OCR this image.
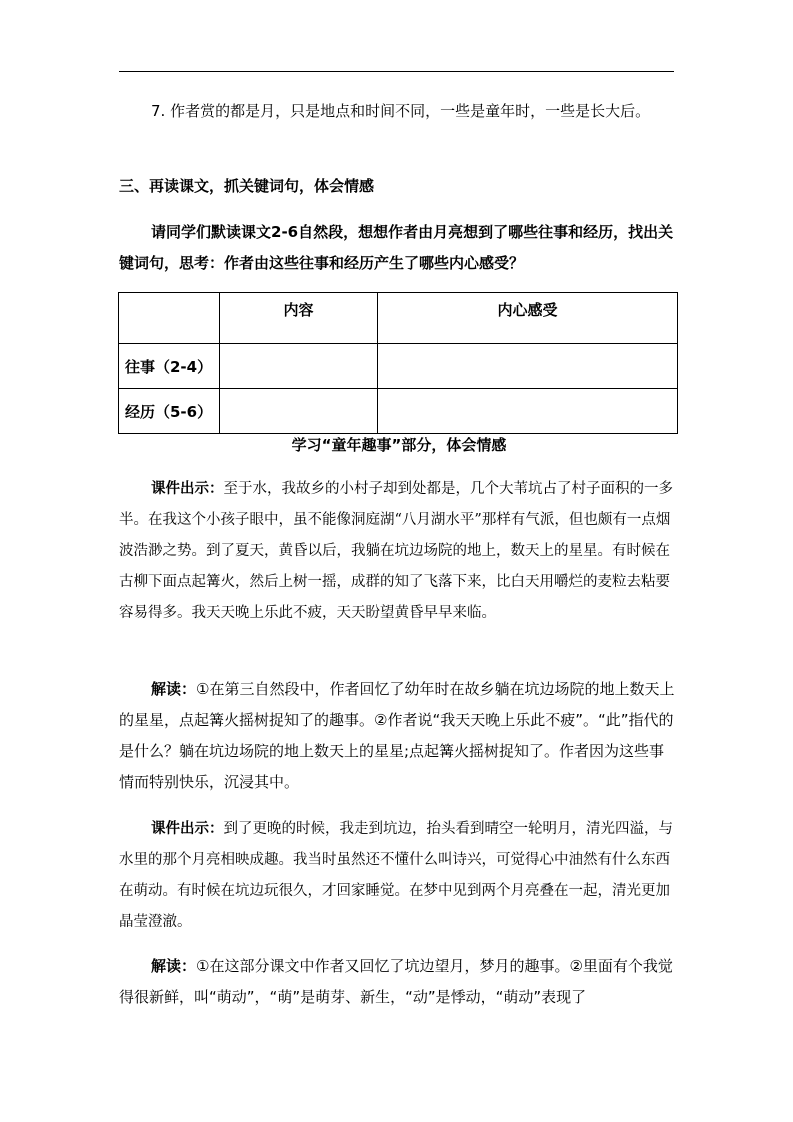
7. 作者赏的都是月，只是地点和时间不同，一些是童年时，一些是长大后。

三、再读课文，抓关键词句，体会情感

请同学们默读课文2-6自然段，想想作者由月亮想到了哪些往事和经历，找出关键词句，思考：作者由这些往事和经历产生了哪些内心感受？

	内容	内心感受
往事（2-4）		
经历（5-6）		
学习“童年趣事”部分，体会情感

课件出示：至于水，我故乡的小村子却到处都是，几个大苇坑占了村子面积的一多半。在我这个小孩子眼中，虽不能像洞庭湖“八月湖水平”那样有气派，但也颇有一点烟波浩渺之势。到了夏天，黄昏以后，我躺在坑边场院的地上，数天上的星星。有时候在古柳下面点起篝火，然后上树一摇，成群的知了飞落下来，比白天用嚼烂的麦粒去粘要容易得多。我天天晚上乐此不疲，天天盼望黄昏早早来临。

解读：①在第三自然段中，作者回忆了幼年时在故乡躺在坑边场院的地上数天上的星星，点起篝火摇树捉知了的趣事。②作者说“我天天晚上乐此不疲”。“此”指代的是什么？躺在坑边场院的地上数天上的星星;点起篝火摇树捉知了。作者因为这些事情而特别快乐，沉浸其中。

课件出示：到了更晚的时候，我走到坑边，抬头看到晴空一轮明月，清光四溢，与水里的那个月亮相映成趣。我当时虽然还不懂什么叫诗兴，可觉得心中油然有什么东西在萌动。有时候在坑边玩很久，才回家睡觉。在梦中见到两个月亮叠在一起，清光更加晶莹澄澈。

解读：①在这部分课文中作者又回忆了坑边望月，梦月的趣事。②里面有个我觉得很新鲜，叫“萌动”，“萌”是萌芽、新生，“动”是悸动，“萌动”表现了
